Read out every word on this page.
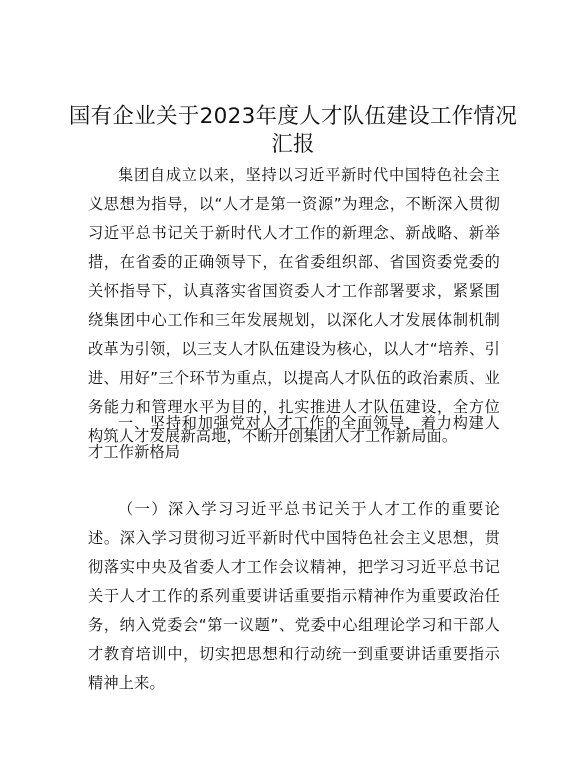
国有企业关于2023年度人才队伍建设工作情况汇报

集团自成立以来，坚持以习近平新时代中国特色社会主义思想为指导，以“人才是第一资源”为理念，不断深入贯彻习近平总书记关于新时代人才工作的新理念、新战略、新举措，在省委的正确领导下，在省委组织部、省国资委党委的关怀指导下，认真落实省国资委人才工作部署要求，紧紧围绕集团中心工作和三年发展规划，以深化人才发展体制机制改革为引领，以三支人才队伍建设为核心，以人才“培养、引进、用好”三个环节为重点，以提高人才队伍的政治素质、业务能力和管理水平为目的，扎实推进人才队伍建设，全方位构筑人才发展新高地，不断开创集团人才工作新局面。

一、坚持和加强党对人才工作的全面领导，着力构建人才工作新格局

（一）深入学习习近平总书记关于人才工作的重要论述。深入学习贯彻习近平新时代中国特色社会主义思想，贯彻落实中央及省委人才工作会议精神，把学习习近平总书记关于人才工作的系列重要讲话重要指示精神作为重要政治任务，纳入党委会“第一议题”、党委中心组理论学习和干部人才教育培训中，切实把思想和行动统一到重要讲话重要指示精神上来。
